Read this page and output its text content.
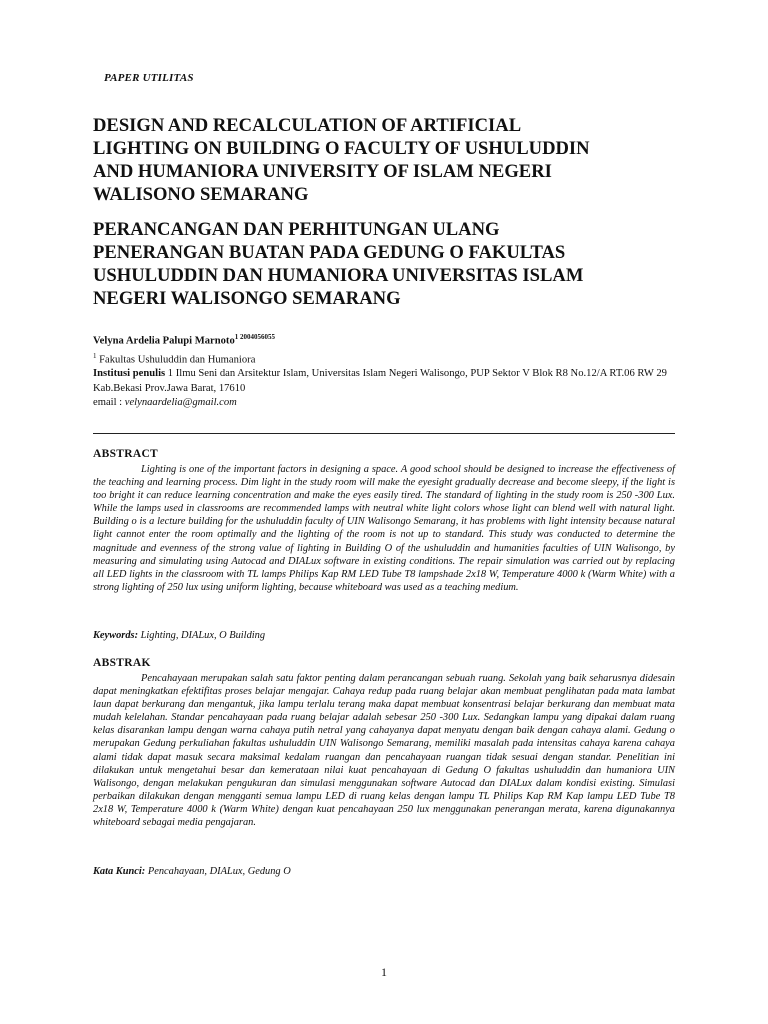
PAPER UTILITAS
DESIGN AND RECALCULATION OF ARTIFICIAL
LIGHTING ON BUILDING O FACULTY OF USHULUDDIN
AND HUMANIORA UNIVERSITY OF ISLAM NEGERI
WALISONO SEMARANG
PERANCANGAN DAN PERHITUNGAN ULANG
PENERANGAN BUATAN PADA GEDUNG O FAKULTAS
USHULUDDIN DAN HUMANIORA UNIVERSITAS ISLAM
NEGERI WALISONGO SEMARANG
Velyna Ardelia Palupi Marnoto$^{1 2004056055}$
$^1$ Fakultas Ushuluddin dan Humaniora
Institusi penulis 1 Ilmu Seni dan Arsitektur Islam, Universitas Islam Negeri Walisongo, PUP Sektor V Blok R8 No.12/A RT.06 RW 29 Kab.Bekasi Prov.Jawa Barat, 17610
email : velynaardelia@gmail.com
ABSTRACT

Lighting is one of the important factors in designing a space. A good school should be designed to increase the effectiveness of the teaching and learning process. Dim light in the study room will make the eyesight gradually decrease and become sleepy, if the light is too bright it can reduce learning concentration and make the eyes easily tired. The standard of lighting in the study room is 250 -300 Lux. While the lamps used in classrooms are recommended lamps with neutral white light colors whose light can blend well with natural light. Building o is a lecture building for the ushuluddin faculty of UIN Walisongo Semarang, it has problems with light intensity because natural light cannot enter the room optimally and the lighting of the room is not up to standard. This study was conducted to determine the magnitude and evenness of the strong value of lighting in Building O of the ushuluddin and humanities faculties of UIN Walisongo, by measuring and simulating using Autocad and DIALux software in existing conditions. The repair simulation was carried out by replacing all LED lights in the classroom with TL lamps Philips Kap RM LED Tube T8 lampshade 2x18 W, Temperature 4000 k (Warm White) with a strong lighting of 250 lux using uniform lighting, because whiteboard was used as a teaching medium.

Keywords: Lighting, DIALux, O Building
ABSTRAK

Pencahayaan merupakan salah satu faktor penting dalam perancangan sebuah ruang. Sekolah yang baik seharusnya didesain dapat meningkatkan efektifitas proses belajar mengajar. Cahaya redup pada ruang belajar akan membuat penglihatan pada mata lambat laun dapat berkurang dan mengantuk, jika lampu terlalu terang maka dapat membuat konsentrasi belajar berkurang dan membuat mata mudah kelelahan. Standar pencahayaan pada ruang belajar adalah sebesar 250 -300 Lux. Sedangkan lampu yang dipakai dalam ruang kelas disarankan lampu dengan warna cahaya putih netral yang cahayanya dapat menyatu dengan baik dengan cahaya alami. Gedung o merupakan Gedung perkuliahan fakultas ushuluddin UIN Walisongo Semarang, memiliki masalah pada intensitas cahaya karena cahaya alami tidak dapat masuk secara maksimal kedalam ruangan dan pencahayaan ruangan tidak sesuai dengan standar. Penelitian ini dilakukan untuk mengetahui besar dan kemerataan nilai kuat pencahayaan di Gedung O fakultas ushuluddin dan humaniora UIN Walisongo, dengan melakukan pengukuran dan simulasi menggunakan software Autocad dan DIALux dalam kondisi existing. Simulasi perbaikan dilakukan dengan mengganti semua lampu LED di ruang kelas dengan lampu TL Philips Kap RM Kap lampu LED Tube T8 2x18 W, Temperature 4000 k (Warm White) dengan kuat pencahayaan 250 lux menggunakan penerangan merata, karena digunakannya whiteboard sebagai media pengajaran.

Kata Kunci: Pencahayaan, DIALux, Gedung O
1
